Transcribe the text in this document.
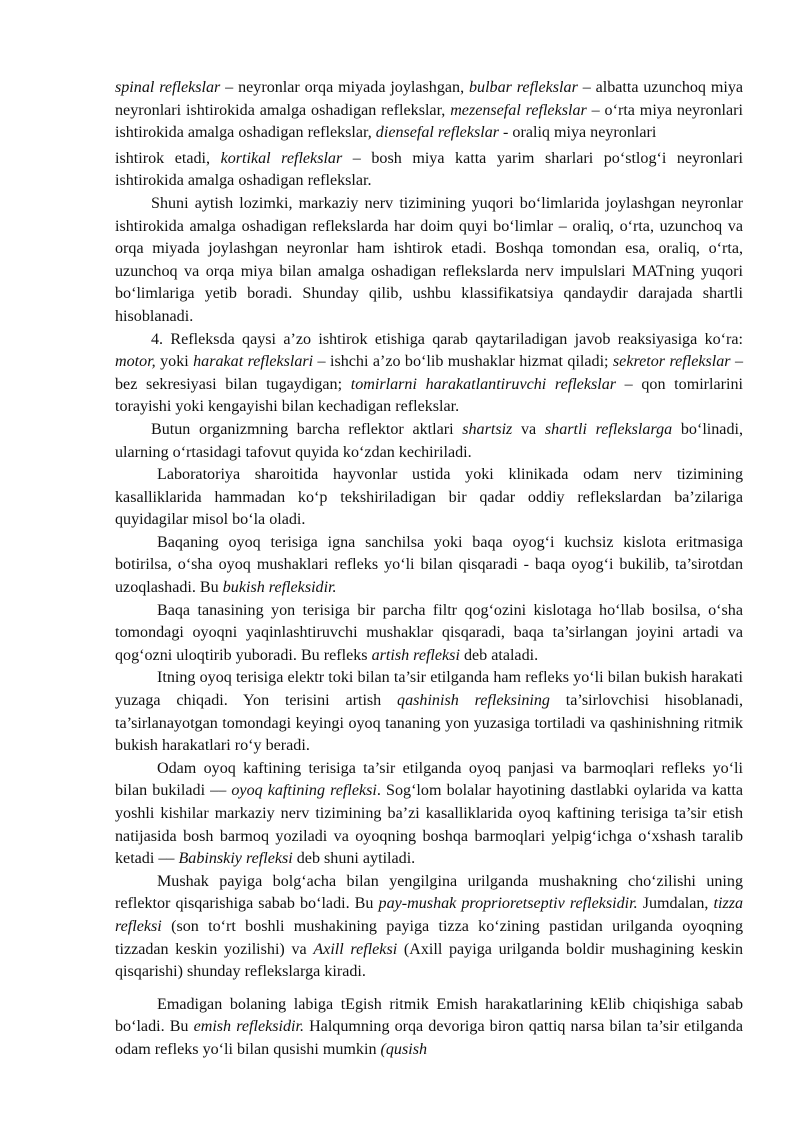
spinal reflekslar – neyronlar orqa miyada joylashgan, bulbar reflekslar – albatta uzunchoq miya neyronlari ishtirokida amalga oshadigan reflekslar, mezensefal reflekslar – o‘rta miya neyronlari ishtirokida amalga oshadigan reflekslar, diensefal reflekslar - oraliq miya neyronlari

ishtirok etadi, kortikal reflekslar – bosh miya katta yarim sharlari po‘stlog‘i neyronlari ishtirokida amalga oshadigan reflekslar.

Shuni aytish lozimki, markaziy nerv tizimining yuqori bo‘limlarida joylashgan neyronlar ishtirokida amalga oshadigan reflekslarda har doim quyi bo‘limlar – oraliq, o‘rta, uzunchoq va orqa miyada joylashgan neyronlar ham ishtirok etadi. Boshqa tomondan esa, oraliq, o‘rta, uzunchoq va orqa miya bilan amalga oshadigan reflekslarda nerv impulslari MATning yuqori bo‘limlariga yetib boradi. Shunday qilib, ushbu klassifikatsiya qandaydir darajada shartli hisoblanadi.

4. Refleksda qaysi a’zo ishtirok etishiga qarab qaytariladigan javob reaksiyasiga ko‘ra: motor, yoki harakat reflekslari – ishchi a’zo bo‘lib mushaklar hizmat qiladi; sekretor reflekslar – bez sekresiyasi bilan tugaydigan; tomirlarni harakatlantiruvchi reflekslar – qon tomirlarini torayishi yoki kengayishi bilan kechadigan reflekslar.

Butun organizmning barcha reflektor aktlari shartsiz va shartli reflekslarga bo‘linadi, ularning o‘rtasidagi tafovut quyida ko‘zdan kechiriladi.

Laboratoriya sharoitida hayvonlar ustida yoki klinikada odam nerv tizimining kasalliklarida hammadan ko‘p tekshiriladigan bir qadar oddiy reflekslardan ba’zilariga quyidagilar misol bo‘la oladi.

Baqaning oyoq terisiga igna sanchilsa yoki baqa oyog‘i kuchsiz kislota eritmasiga botirilsa, o‘sha oyoq mushaklari refleks yo‘li bilan qisqaradi - baqa oyog‘i bukilib, ta’sirotdan uzoqlashadi. Bu bukish refleksidir.

Baqa tanasining yon terisiga bir parcha filtr qog‘ozini kislotaga ho‘llab bosilsa, o‘sha tomondagi oyoqni yaqinlashtiruvchi mushaklar qisqaradi, baqa ta’sirlangan joyini artadi va qog‘ozni uloqtirib yuboradi. Bu refleks artish refleksi deb ataladi.

Itning oyoq terisiga elektr toki bilan ta’sir etilganda ham refleks yo‘li bilan bukish harakati yuzaga chiqadi. Yon terisini artish qashinish refleksining ta’sirlovchisi hisoblanadi, ta’sirlanayotgan tomondagi keyingi oyoq tananing yon yuzasiga tortiladi va qashinishning ritmik bukish harakatlari ro‘y beradi.

Odam oyoq kaftining terisiga ta’sir etilganda oyoq panjasi va barmoqlari refleks yo‘li bilan bukiladi –– oyoq kaftining refleksi. Sog‘lom bolalar hayotining dastlabki oylarida va katta yoshli kishilar markaziy nerv tizimining ba’zi kasalliklarida oyoq kaftining terisiga ta’sir etish natijasida bosh barmoq yoziladi va oyoqning boshqa barmoqlari yelpig‘ichga o‘xshash taralib ketadi –– Babinskiy refleksi deb shuni aytiladi.

Mushak payiga bolg‘acha bilan yengilgina urilganda mushakning cho‘zilishi uning reflektor qisqarishiga sabab bo‘ladi. Bu pay-mushak proprioretseptiv refleksidir. Jumdalan, tizza refleksi (son to‘rt boshli mushakining payiga tizza ko‘zining pastidan urilganda oyoqning tizzadan keskin yozilishi) va Axill refleksi (Axill payiga urilganda boldir mushagining keskin qisqarishi) shunday reflekslarga kiradi.

Emadigan bolaning labiga tEgish ritmik Emish harakatlarining kElib chiqishiga sabab bo‘ladi. Bu emish refleksidir. Halqumning orqa devoriga biron qattiq narsa bilan ta’sir etilganda odam refleks yo‘li bilan qusishi mumkin (qusish
